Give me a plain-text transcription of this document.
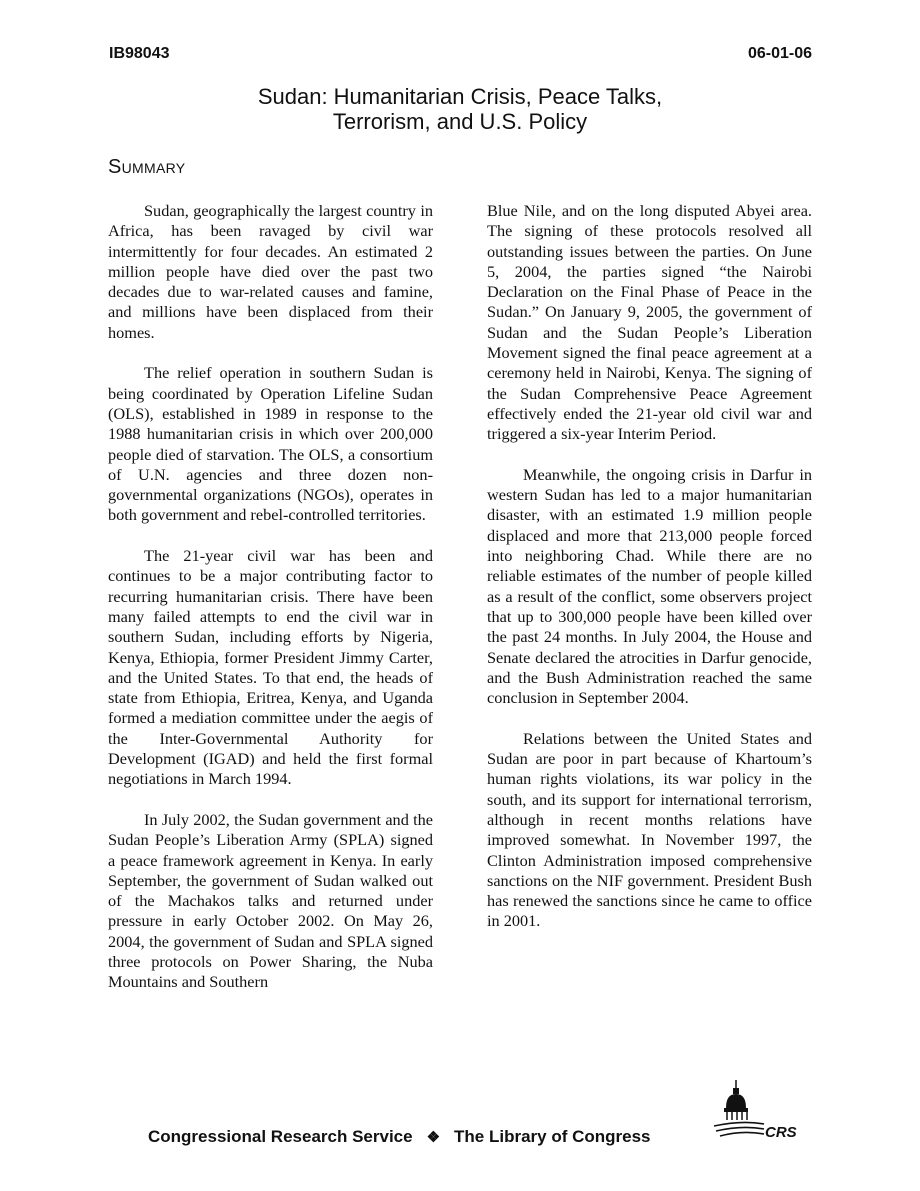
IB98043	06-01-06
Sudan: Humanitarian Crisis, Peace Talks,
Terrorism, and U.S. Policy
Summary

Sudan, geographically the largest country in Africa, has been ravaged by civil war intermittently for four decades. An estimated 2 million people have died over the past two decades due to war-related causes and famine, and millions have been displaced from their homes.

The relief operation in southern Sudan is being coordinated by Operation Lifeline Sudan (OLS), established in 1989 in response to the 1988 humanitarian crisis in which over 200,000 people died of starvation. The OLS, a consortium of U.N. agencies and three dozen non-governmental organizations (NGOs), operates in both government and rebel-controlled territories.

The 21-year civil war has been and continues to be a major contributing factor to recurring humanitarian crisis. There have been many failed attempts to end the civil war in southern Sudan, including efforts by Nigeria, Kenya, Ethiopia, former President Jimmy Carter, and the United States. To that end, the heads of state from Ethiopia, Eritrea, Kenya, and Uganda formed a mediation committee under the aegis of the Inter-Governmental Authority for Development (IGAD) and held the first formal negotiations in March 1994.

In July 2002, the Sudan government and the Sudan People’s Liberation Army (SPLA) signed a peace framework agreement in Kenya. In early September, the government of Sudan walked out of the Machakos talks and returned under pressure in early October 2002. On May 26, 2004, the government of Sudan and SPLA signed three protocols on Power Sharing, the Nuba Mountains and Southern

Blue Nile, and on the long disputed Abyei area. The signing of these protocols resolved all outstanding issues between the parties. On June 5, 2004, the parties signed “the Nairobi Declaration on the Final Phase of Peace in the Sudan.” On January 9, 2005, the government of Sudan and the Sudan People’s Liberation Movement signed the final peace agreement at a ceremony held in Nairobi, Kenya. The signing of the Sudan Comprehensive Peace Agreement effectively ended the 21-year old civil war and triggered a six-year Interim Period.

Meanwhile, the ongoing crisis in Darfur in western Sudan has led to a major humanitarian disaster, with an estimated 1.9 million people displaced and more that 213,000 people forced into neighboring Chad. While there are no reliable estimates of the number of people killed as a result of the conflict, some observers project that up to 300,000 people have been killed over the past 24 months. In July 2004, the House and Senate declared the atrocities in Darfur genocide, and the Bush Administration reached the same conclusion in September 2004.

Relations between the United States and Sudan are poor in part because of Khartoum’s human rights violations, its war policy in the south, and its support for international terrorism, although in recent months relations have improved somewhat. In November 1997, the Clinton Administration imposed comprehensive sanctions on the NIF government. President Bush has renewed the sanctions since he came to office in 2001.

Congressional Research Service ❖ The Library of Congress	CRS
